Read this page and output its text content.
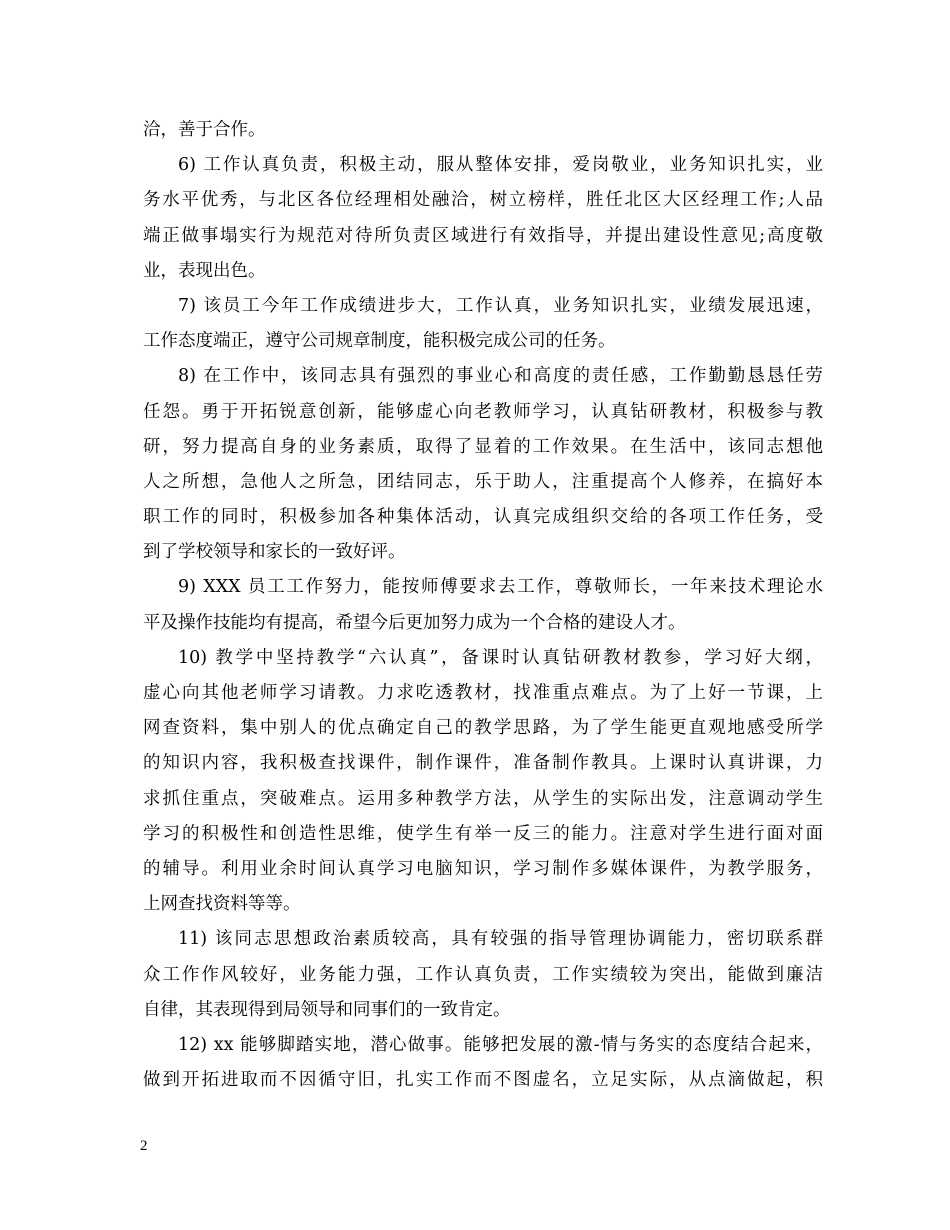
洽，善于合作。
6) 工作认真负责，积极主动，服从整体安排，爱岗敬业，业务知识扎实，业
务水平优秀，与北区各位经理相处融洽，树立榜样，胜任北区大区经理工作;人品
端正做事塌实行为规范对待所负责区域进行有效指导，并提出建设性意见;高度敬
业，表现出色。
7) 该员工今年工作成绩进步大，工作认真，业务知识扎实，业绩发展迅速，
工作态度端正，遵守公司规章制度，能积极完成公司的任务。
8) 在工作中，该同志具有强烈的事业心和高度的责任感，工作勤勤恳恳任劳
任怨。勇于开拓锐意创新，能够虚心向老教师学习，认真钻研教材，积极参与教
研，努力提高自身的业务素质，取得了显着的工作效果。在生活中，该同志想他
人之所想，急他人之所急，团结同志，乐于助人，注重提高个人修养，在搞好本
职工作的同时，积极参加各种集体活动，认真完成组织交给的各项工作任务，受
到了学校领导和家长的一致好评。
9) XXX 员工工作努力，能按师傅要求去工作，尊敬师长，一年来技术理论水
平及操作技能均有提高，希望今后更加努力成为一个合格的建设人才。
10) 教学中坚持教学“六认真”，备课时认真钻研教材教参，学习好大纲，
虚心向其他老师学习请教。力求吃透教材，找准重点难点。为了上好一节课，上
网查资料，集中别人的优点确定自己的教学思路，为了学生能更直观地感受所学
的知识内容，我积极查找课件，制作课件，准备制作教具。上课时认真讲课，力
求抓住重点，突破难点。运用多种教学方法，从学生的实际出发，注意调动学生
学习的积极性和创造性思维，使学生有举一反三的能力。注意对学生进行面对面
的辅导。利用业余时间认真学习电脑知识，学习制作多媒体课件，为教学服务，
上网查找资料等等。
11) 该同志思想政治素质较高，具有较强的指导管理协调能力，密切联系群
众工作作风较好，业务能力强，工作认真负责，工作实绩较为突出，能做到廉洁
自律，其表现得到局领导和同事们的一致肯定。
12) xx 能够脚踏实地，潜心做事。能够把发展的激-情与务实的态度结合起来，
做到开拓进取而不因循守旧，扎实工作而不图虚名，立足实际，从点滴做起，积
2
